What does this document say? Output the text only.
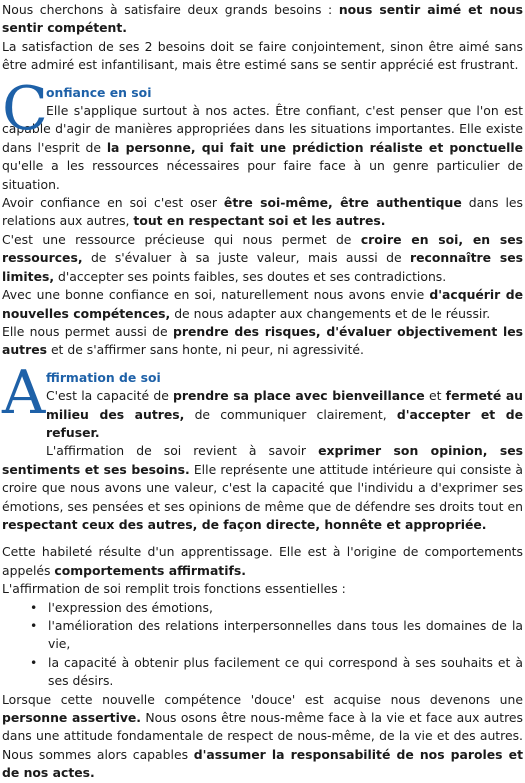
Nous cherchons à satisfaire deux grands besoins : nous sentir aimé et nous sentir compétent.

La satisfaction de ses 2 besoins doit se faire conjointement, sinon être aimé sans être admiré est infantilisant, mais être estimé sans se sentir apprécié est frustrant.

C
onfiance en soi

Elle s'applique surtout à nos actes. Être confiant, c'est penser que l'on est capable d'agir de manières appropriées dans les situations importantes. Elle existe dans l'esprit de la personne, qui fait une prédiction réaliste et ponctuelle qu'elle a les ressources nécessaires pour faire face à un genre particulier de situation.

Avoir confiance en soi c'est oser être soi-même, être authentique dans les relations aux autres, tout en respectant soi et les autres.

C'est une ressource précieuse qui nous permet de croire en soi, en ses ressources, de s'évaluer à sa juste valeur, mais aussi de reconnaître ses limites, d'accepter ses points faibles, ses doutes et ses contradictions.

Avec une bonne confiance en soi, naturellement nous avons envie d'acquérir de nouvelles compétences, de nous adapter aux changements et de le réussir.

Elle nous permet aussi de prendre des risques, d'évaluer objectivement les autres et de s'affirmer sans honte, ni peur, ni agressivité.

A ffirmation de soi

C'est la capacité de prendre sa place avec bienveillance et fermeté au milieu des autres, de communiquer clairement, d'accepter et de refuser.

L'affirmation de soi revient à savoir exprimer son opinion, ses sentiments et ses besoins. Elle représente une attitude intérieure qui consiste à croire que nous avons une valeur, c'est la capacité que l'individu a d'exprimer ses émotions, ses pensées et ses opinions de même que de défendre ses droits tout en respectant ceux des autres, de façon directe, honnête et appropriée.

Cette habileté résulte d'un apprentissage. Elle est à l'origine de comportements appelés comportements affirmatifs.

L'affirmation de soi remplit trois fonctions essentielles :

• l'expression des émotions,
• l'amélioration des relations interpersonnelles dans tous les domaines de la vie,
• la capacité à obtenir plus facilement ce qui correspond à ses souhaits et à ses désirs.

Lorsque cette nouvelle compétence 'douce' est acquise nous devenons une personne assertive. Nous osons être nous-même face à la vie et face aux autres dans une attitude fondamentale de respect de nous-même, de la vie et des autres. Nous sommes alors capables d'assumer la responsabilité de nos paroles et de nos actes.
